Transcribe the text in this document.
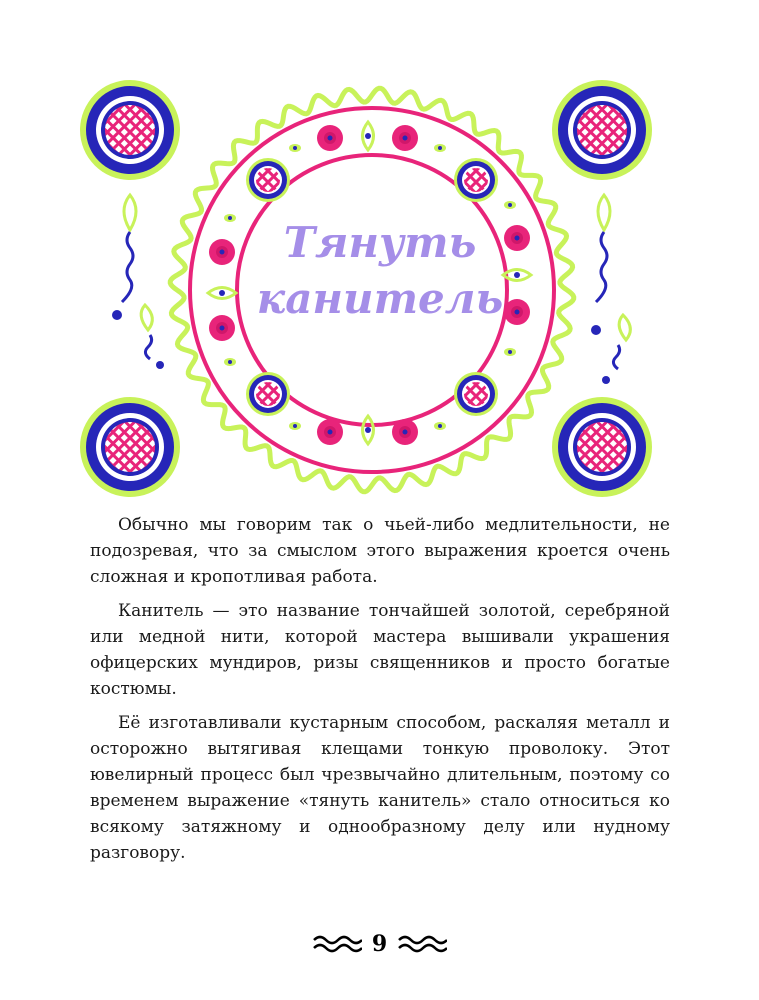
Тянуть
канитель

Обычно мы говорим так о чьей-либо медлительности, не подозревая, что за смыслом этого выражения кроется очень сложная и кропотливая работа.

Канитель — это название тончайшей золотой, серебряной или медной нити, которой мастера вышивали украшения офицерских мундиров, ризы священников и просто богатые костюмы.

Её изготавливали кустарным способом, раскаляя металл и осторожно вытягивая клещами тонкую проволоку. Этот ювелирный процесс был чрезвычайно длительным, поэтому со временем выражение «тянуть канитель» стало относиться ко всякому затяжному и однообразному делу или нудному разговору.

9
